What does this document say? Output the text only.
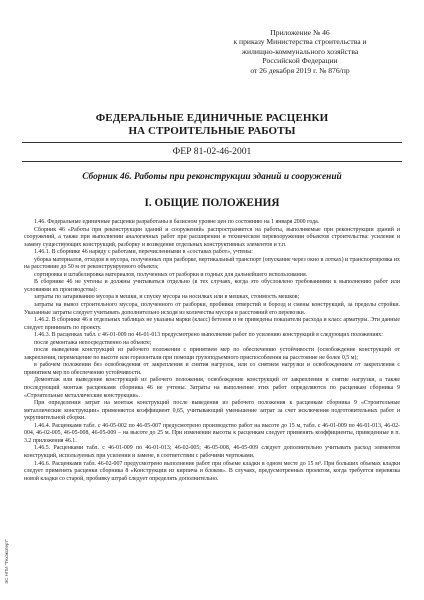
Приложение № 46
к приказу Министерства строительства и
жилищно-коммунального хозяйства
Российской Федерации
от 26 декабря 2019 г. № 876/пр
ФЕДЕРАЛЬНЫЕ ЕДИНИЧНЫЕ РАСЦЕНКИ
НА СТРОИТЕЛЬНЫЕ РАБОТЫ
ФЕР 81-02-46-2001
Сборник 46. Работы при реконструкции зданий и сооружений
I. ОБЩИЕ ПОЛОЖЕНИЯ

1.46. Федеральные единичные расценки разработаны в базисном уровне цен по состоянию на 1 января 2000 года.

Сборник 46 «Работы при реконструкции зданий и сооружений» распространяется на работы, выполняемые при реконструкции зданий и сооружений, а также при выполнении аналогичных работ при расширении и техническом перевооружении объектов строительства: усиление и замену существующих конструкций, разборку и возведение отдельных конструктивных элементов и т.п.

1.46.1. В сборнике 46 наряду с работами, перечисленными в «составах работ», учтены:

уборка материалов, отходов и мусора, полученных при разборке, вертикальный транспорт (опускание через окно в лотках) и транспортировка их на расстояние до 50 м от реконструируемого объекта;

сортировка и штабелировка материалов, полученных от разборки и годных для дальнейшего использования.

В сборнике 46 не учтены и должны учитываться отдельно (в тех случаях, когда это обусловлено требованиями к выполнению работ или условиями их производства):

затраты по затариванию мусора в мешки, и спуску мусора на носилках или в мешках, стоимость мешков;

затраты на вывоз строительного мусора, полученного от разборки, пробивки отверстий и борозд и смены конструкций, за пределы стройки. Указанные затраты следует учитывать дополнительно исходя из количества мусора и расстояний его перевозки.

1.46.2. В сборнике 46 в отдельных таблицах не указаны марки (класс) бетонов и не приведены показатели расхода и класс арматуры. Эти данные следует принимать по проекту.

1.46.3. В расценках табл. с 46-01-009 по 46-01-013 предусмотрено выполнение работ по усилению конструкций в следующих положениях:

после демонтажа непосредственно на объекте;

после выведения конструкций из рабочего положения с принятием мер по обеспечению устойчивости (освобождение конструкций от закрепления, перемещение по высоте или горизонтали при помощи грузоподъемного приспособления на расстояние не более 0,5 м);

в рабочем положении без освобождения от закрепления и снятия нагрузок, или со снятием нагрузки и освобождением от закрепления с принятием мер по обеспечению устойчивости.

Демонтаж или выведение конструкций из рабочего положения, освобождение конструкций от закрепления и снятие нагрузки, а также последующий монтаж расценками сборника 46 не учтены. Затраты на выполнение этих работ определяются по расценкам сборника 9 «Строительные металлические конструкции».

При определении затрат на монтаж конструкций после выведения из рабочего положения к расценкам сборника 9 «Строительные металлические конструкции» применяется коэффициент 0,65, учитывающий уменьшение затрат за счет исключения подготовительных работ и укрупнительной сборки.

1.46.4. Расценками табл. с 46-05-002 по 46-05-007 предусмотрено производство работ на высоте до 15 м, табл. с 46-01-009 по 46-01-013, 46-02-004, 46-02-005, 46-05-008, 46-05-009 – на высоте до 25 м. При изменении высоты к расценкам следует применять коэффициенты, приведенные в п. 3.2 приложения 46.1.

1.46.5. Расценками табл. с 46-01-009 по 46-01-013; 46-02-005; 46-05-008, 46-05-009 следует дополнительно учитывать расход элементов конструкций, используемых при усилении и замене, в соответствии с рабочими чертежами.

1.46.6. Расценками табл. 46-02-007 предусмотрено выполнение работ при объеме кладки в одном месте до 15 м³. При больших объемах кладки следует применять расценки сборника 8 «Конструкции из кирпича и блоков». В случаях, предусмотренных проектом, когда требуется перевязка новой кладки со старой, пробивку штраб следует определять дополнительно.

ЭС НПИ "Техэксперт"
